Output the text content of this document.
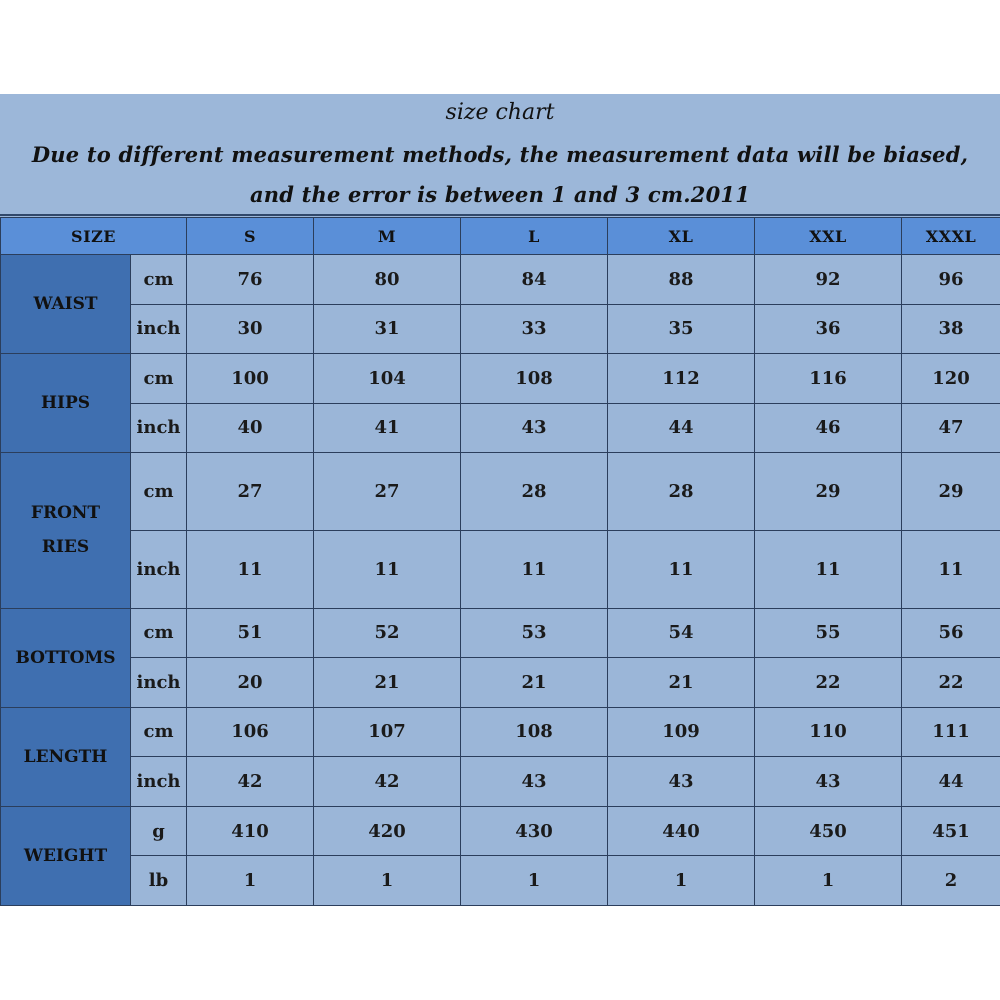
size chart
Due to different measurement methods, the measurement data will be biased,
and the error is between 1 and 3 cm.2011
SIZE		S	M	L	XL	XXL	XXXL
WAIST	cm	76	80	84	88	92	96
	inch	30	31	33	35	36	38
HIPS	cm	100	104	108	112	116	120
	inch	40	41	43	44	46	47

FRONT
RIES	cm	27	27	28	28	29	29
	inch	11	11	11	11	11	11
BOTTOMS	cm	51	52	53	54	55	56
	inch	20	21	21	21	22	22
LENGTH	cm	106	107	108	109	110	111
	inch	42	42	43	43	43	44
WEIGHT	g	410	420	430	440	450	451
	lb	1	1	1	1	1	2
